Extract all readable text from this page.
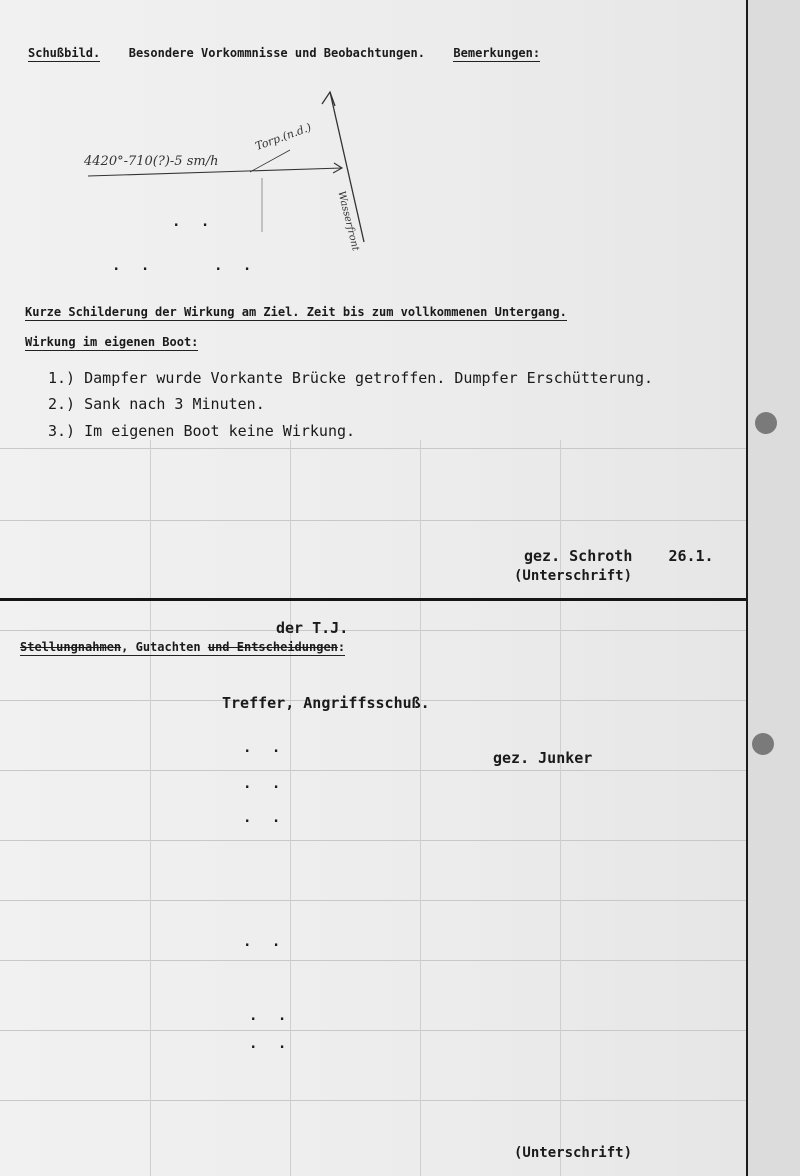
Schußbild. Besondere Vorkommnisse und Beobachtungen. Bemerkungen:
4420°-710(?)-5 sm/h
Torp.(n.d.)
Wasserfront
. .
. .	. .
Kurze Schilderung der Wirkung am Ziel. Zeit bis zum vollkommenen Untergang.
Wirkung im eigenen Boot:
1.) Dampfer wurde Vorkante Brücke getroffen. Dumpfer Erschütterung.
2.) Sank nach 3 Minuten.
3.) Im eigenen Boot keine Wirkung.
gez. Schroth 26.1.
(Unterschrift)
der T.J.
Stellungnahmen, Gutachten und Entscheidungen:
Treffer, Angriffsschuß.
gez. Junker
. .
. .
. .
. .
. .
. .
(Unterschrift)
